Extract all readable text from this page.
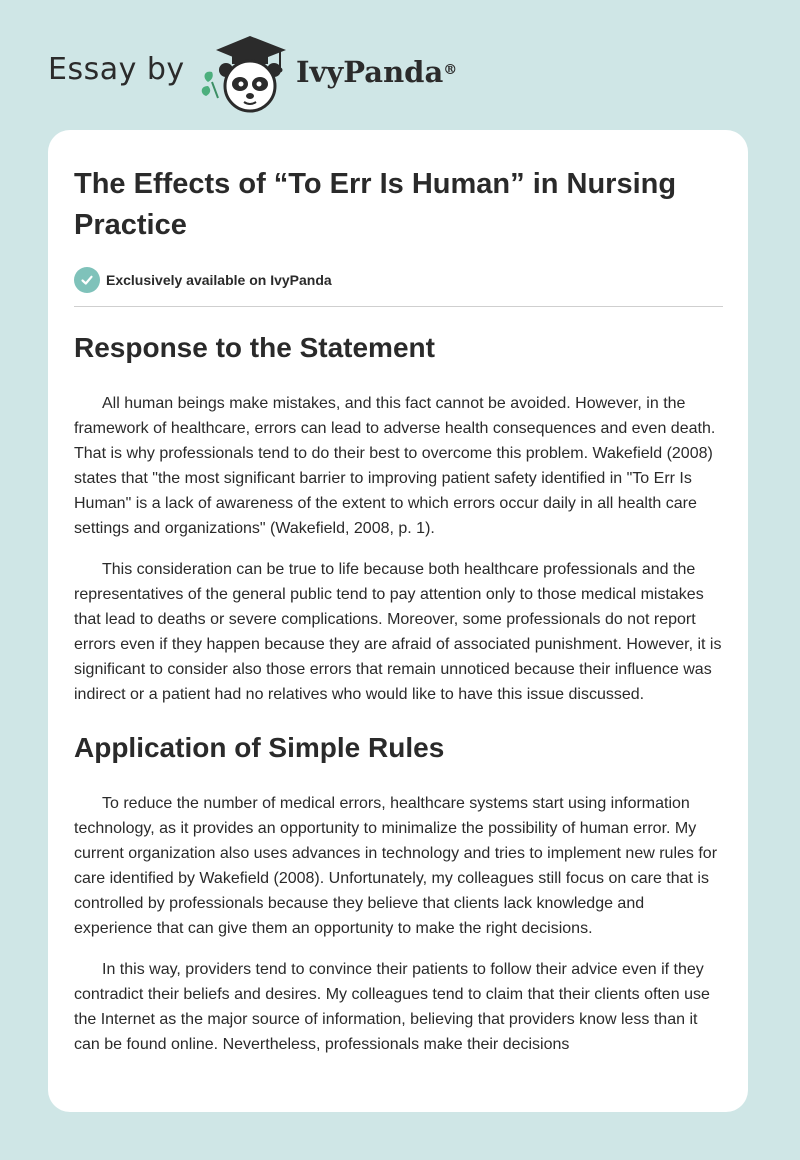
Essay by	IvyPanda®
The Effects of “To Err Is Human” in Nursing Practice
Exclusively available on IvyPanda
Response to the Statement

All human beings make mistakes, and this fact cannot be avoided. However, in the framework of healthcare, errors can lead to adverse health consequences and even death. That is why professionals tend to do their best to overcome this problem. Wakefield (2008) states that "the most significant barrier to improving patient safety identified in "To Err Is Human" is a lack of awareness of the extent to which errors occur daily in all health care settings and organizations" (Wakefield, 2008, p. 1).

This consideration can be true to life because both healthcare professionals and the representatives of the general public tend to pay attention only to those medical mistakes that lead to deaths or severe complications. Moreover, some professionals do not report errors even if they happen because they are afraid of associated punishment. However, it is significant to consider also those errors that remain unnoticed because their influence was indirect or a patient had no relatives who would like to have this issue discussed.

Application of Simple Rules

To reduce the number of medical errors, healthcare systems start using information technology, as it provides an opportunity to minimalize the possibility of human error. My current organization also uses advances in technology and tries to implement new rules for care identified by Wakefield (2008). Unfortunately, my colleagues still focus on care that is controlled by professionals because they believe that clients lack knowledge and experience that can give them an opportunity to make the right decisions.

In this way, providers tend to convince their patients to follow their advice even if they contradict their beliefs and desires. My colleagues tend to claim that their clients often use the Internet as the major source of information, believing that providers know less than it can be found online. Nevertheless, professionals make their decisions
